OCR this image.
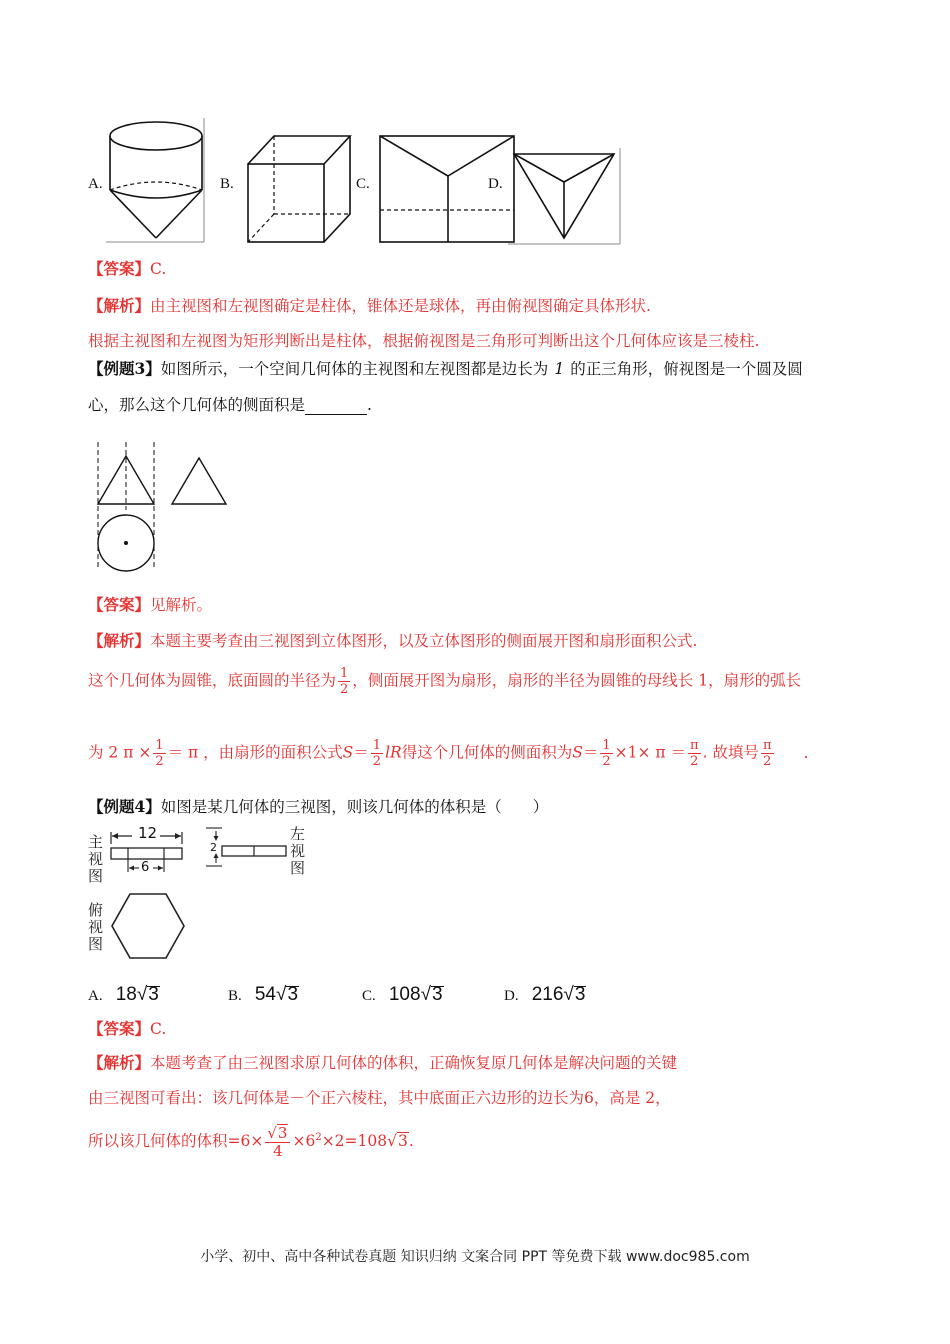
A.	B.	C.	D.
【答案】C.
【解析】由主视图和左视图确定是柱体，锥体还是球体，再由俯视图确定具体形状.
根据主视图和左视图为矩形判断出是柱体，根据俯视图是三角形可判断出这个几何体应该是三棱柱.
【例题3】如图所示，一个空间几何体的主视图和左视图都是边长为 1 的正三角形，俯视图是一个圆及圆
心，那么这个几何体的侧面积是	.
【答案】见解析。
【解析】本题主要考查由三视图到立体图形，以及立体图形的侧面展开图和扇形面积公式.
这个几何体为圆锥，底面圆的半径为 $\frac{1}{2}$ ，侧面展开图为扇形，扇形的半径为圆锥的母线长 1，扇形的弧长
为 2 $\pi \times \frac{1}{2} = \pi$ ，由扇形的面积公式$S= \frac{1}{2}$ lR得这个几何体的侧面积为$S= \frac{1}{2} \times 1\times \pi = \frac{\pi}{2}$ . 故填号 $\frac{\pi}{2}$ .
【例题4】如图是某几何体的三视图，则该几何体的体积是（　　）
主
视
图
12
6
2
左
视
图
俯
视
图
A. 18√3	B. 54√3	C. 108√3	D. 216√3
【答案】C.
【解析】本题考查了由三视图求原几何体的体积，正确恢复原几何体是解决问题的关键
由三视图可看出：该几何体是－个正六棱柱，其中底面正六边形的边长为6，高是 2，
所以该几何体的体积$=6\times \frac{√3}{4} \times 6^2\times 2=108√3$.
小学、初中、高中各种试卷真题 知识归纳 文案合同 PPT 等免费下载 www.doc985.com
